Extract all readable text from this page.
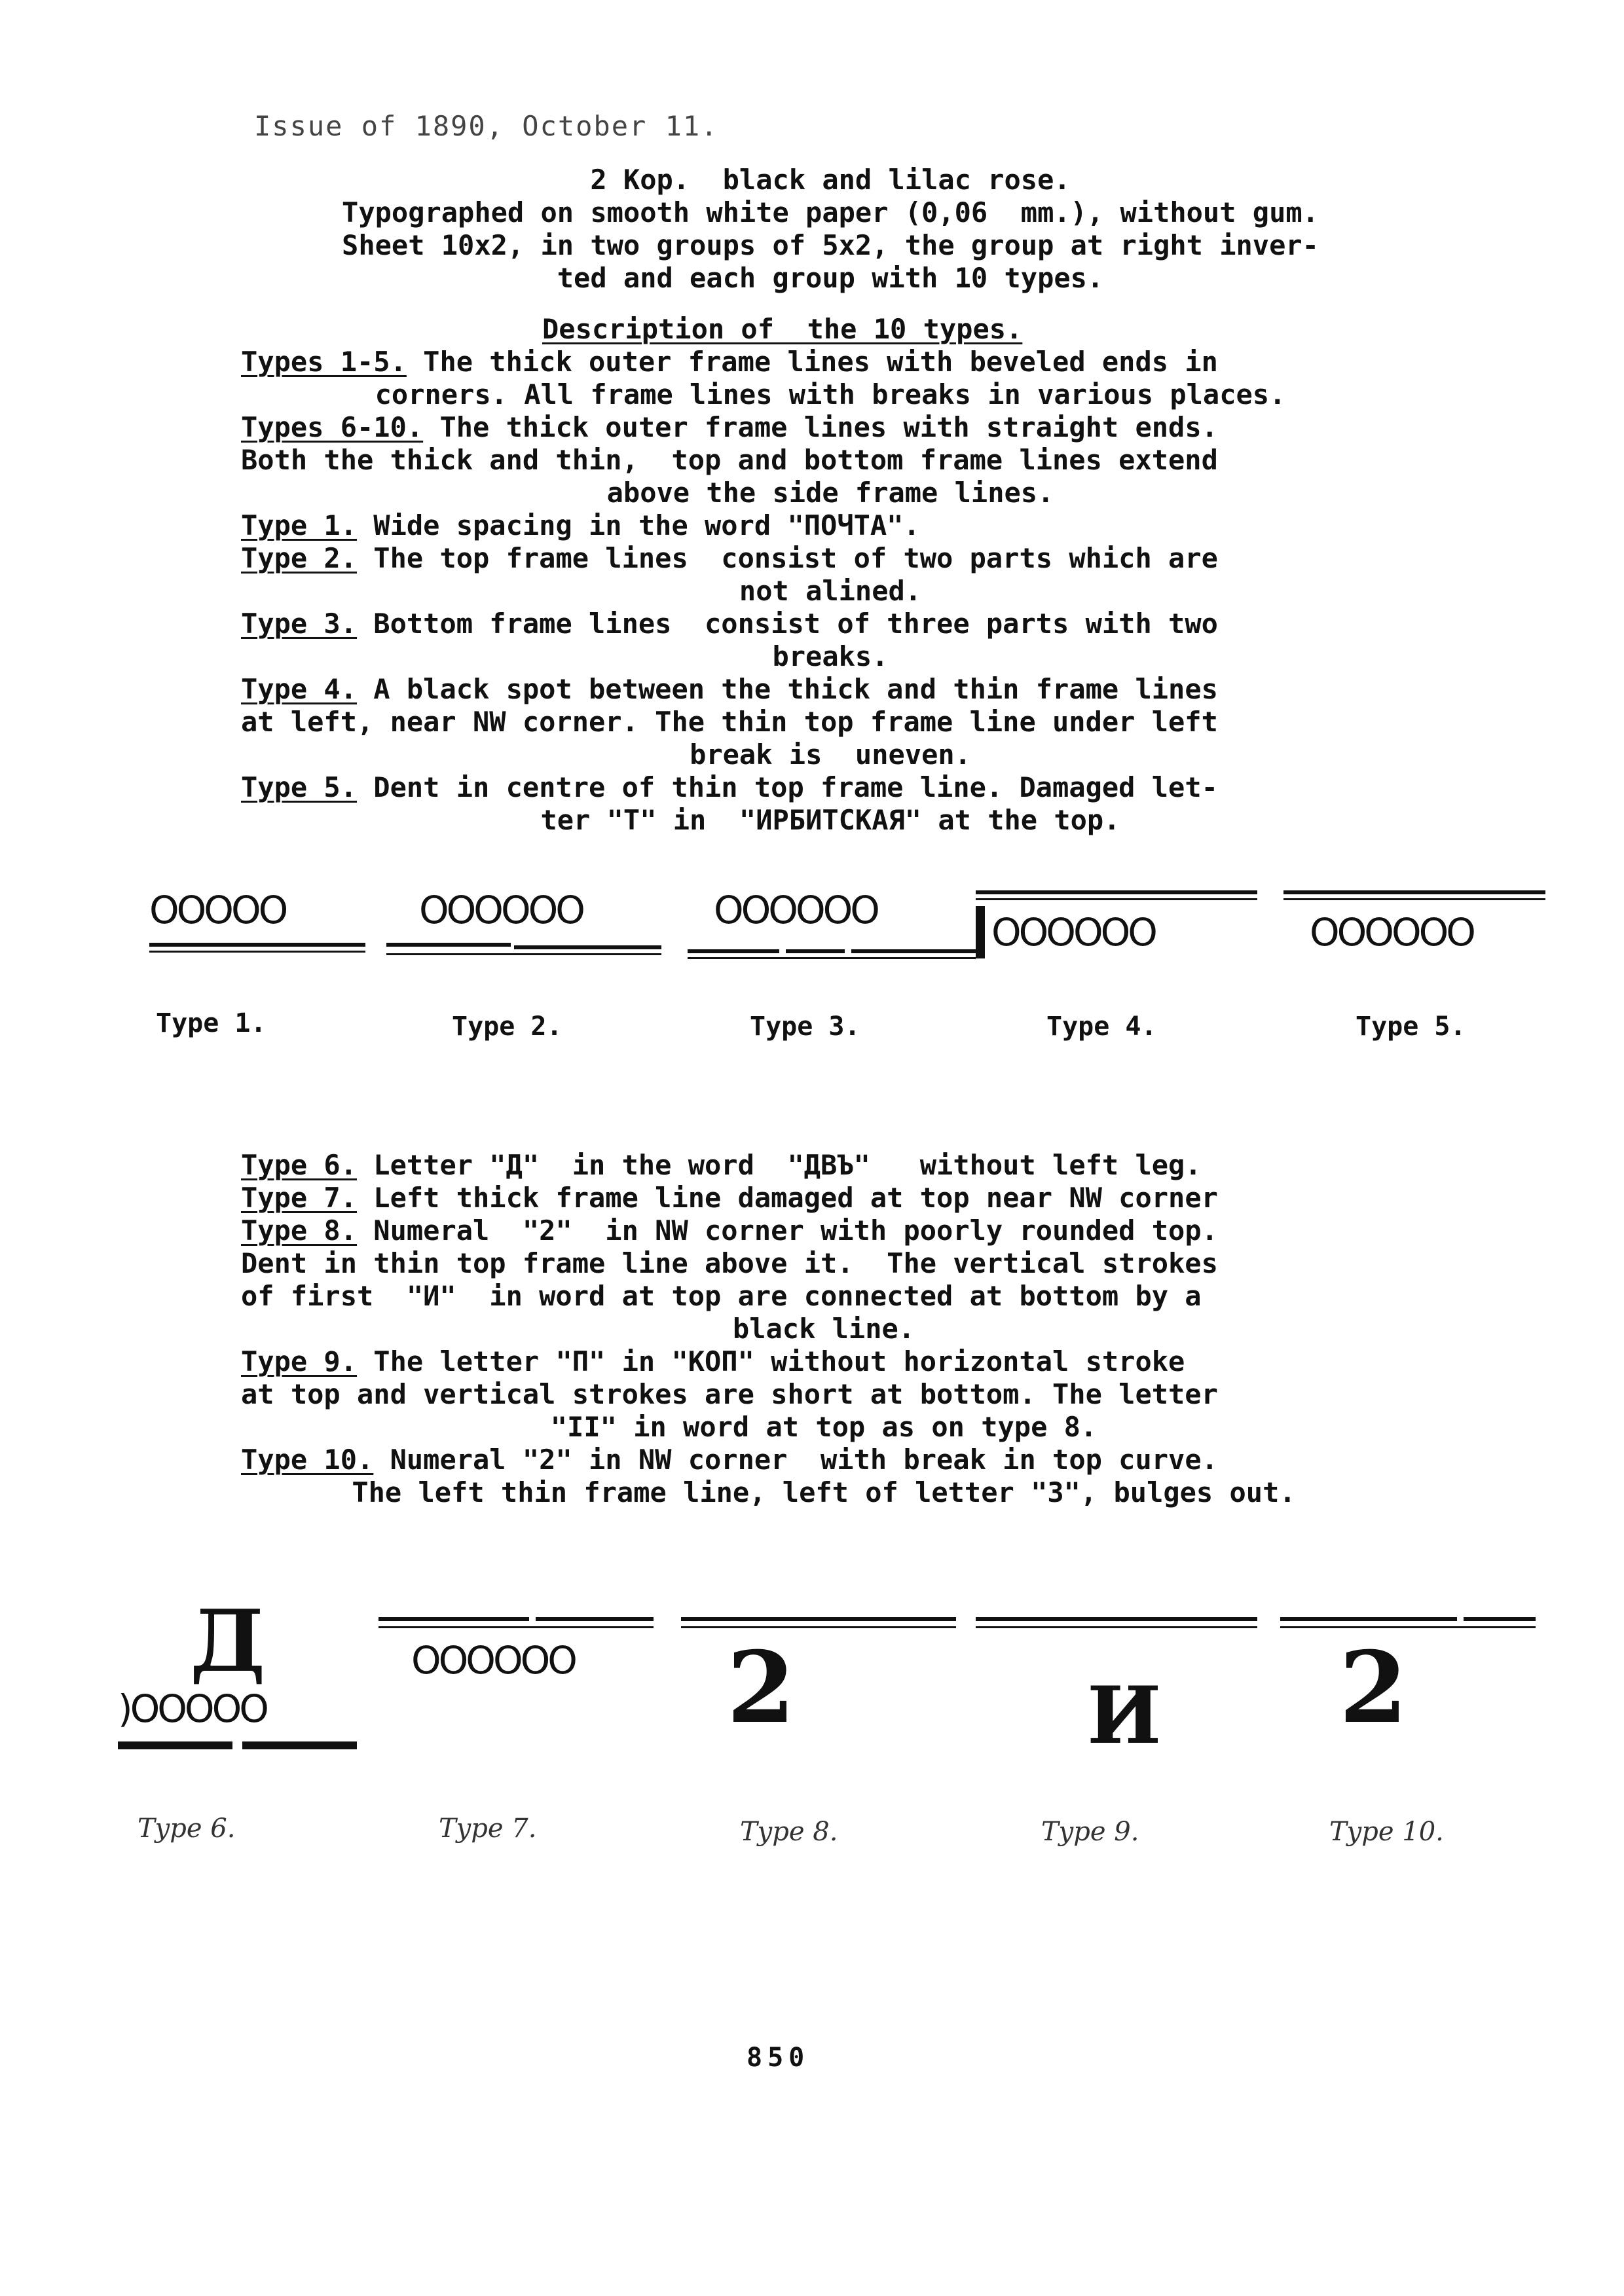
Issue of 1890, October 11.
2 Kop.  black and lilac rose.
Typographed on smooth white paper (0,06  mm.), without gum.
Sheet 10x2, in two groups of 5x2, the group at right inver-
ted and each group with 10 types.
Description of  the 10 types.
Types 1-5. The thick outer frame lines with beveled ends in
corners. All frame lines with breaks in various places.
Types 6-10. The thick outer frame lines with straight ends.
Both the thick and thin,  top and bottom frame lines extend
above the side frame lines.
Type 1. Wide spacing in the word "ПОЧТА".
Type 2. The top frame lines  consist of two parts which are
not alined.
Type 3. Bottom frame lines  consist of three parts with two
breaks.
Type 4. A black spot between the thick and thin frame lines
at left, near NW corner. The thin top frame line under left
break is  uneven.
Type 5. Dent in centre of thin top frame line. Damaged let-
ter "T" in  "ИРБИТСКАЯ" at the top.
OOOOO	OOOOOO	OOOOOO	OOOOOO	OOOOOO
Type 1.	Type 2.	Type 3.	Type 4.	Type 5.
Type 6. Letter "Д"  in the word  "ДВЪ"   without left leg.
Type 7. Left thick frame line damaged at top near NW corner
Type 8. Numeral  "2"  in NW corner with poorly rounded top.
Dent in thin top frame line above it.  The vertical strokes
of first  "И"  in word at top are connected at bottom by a
black line.
Type 9. The letter "П" in "КОП" without horizontal stroke
at top and vertical strokes are short at bottom. The letter
"II" in word at top as on type 8.
Type 10. Numeral "2" in NW corner  with break in top curve.
The left thin frame line, left of letter "3", bulges out.
Д
)OOOOO
OOOOOO 2	И 2
Type 6.	Type 7.	Type 8.	Type 9.	Type 10.
850
